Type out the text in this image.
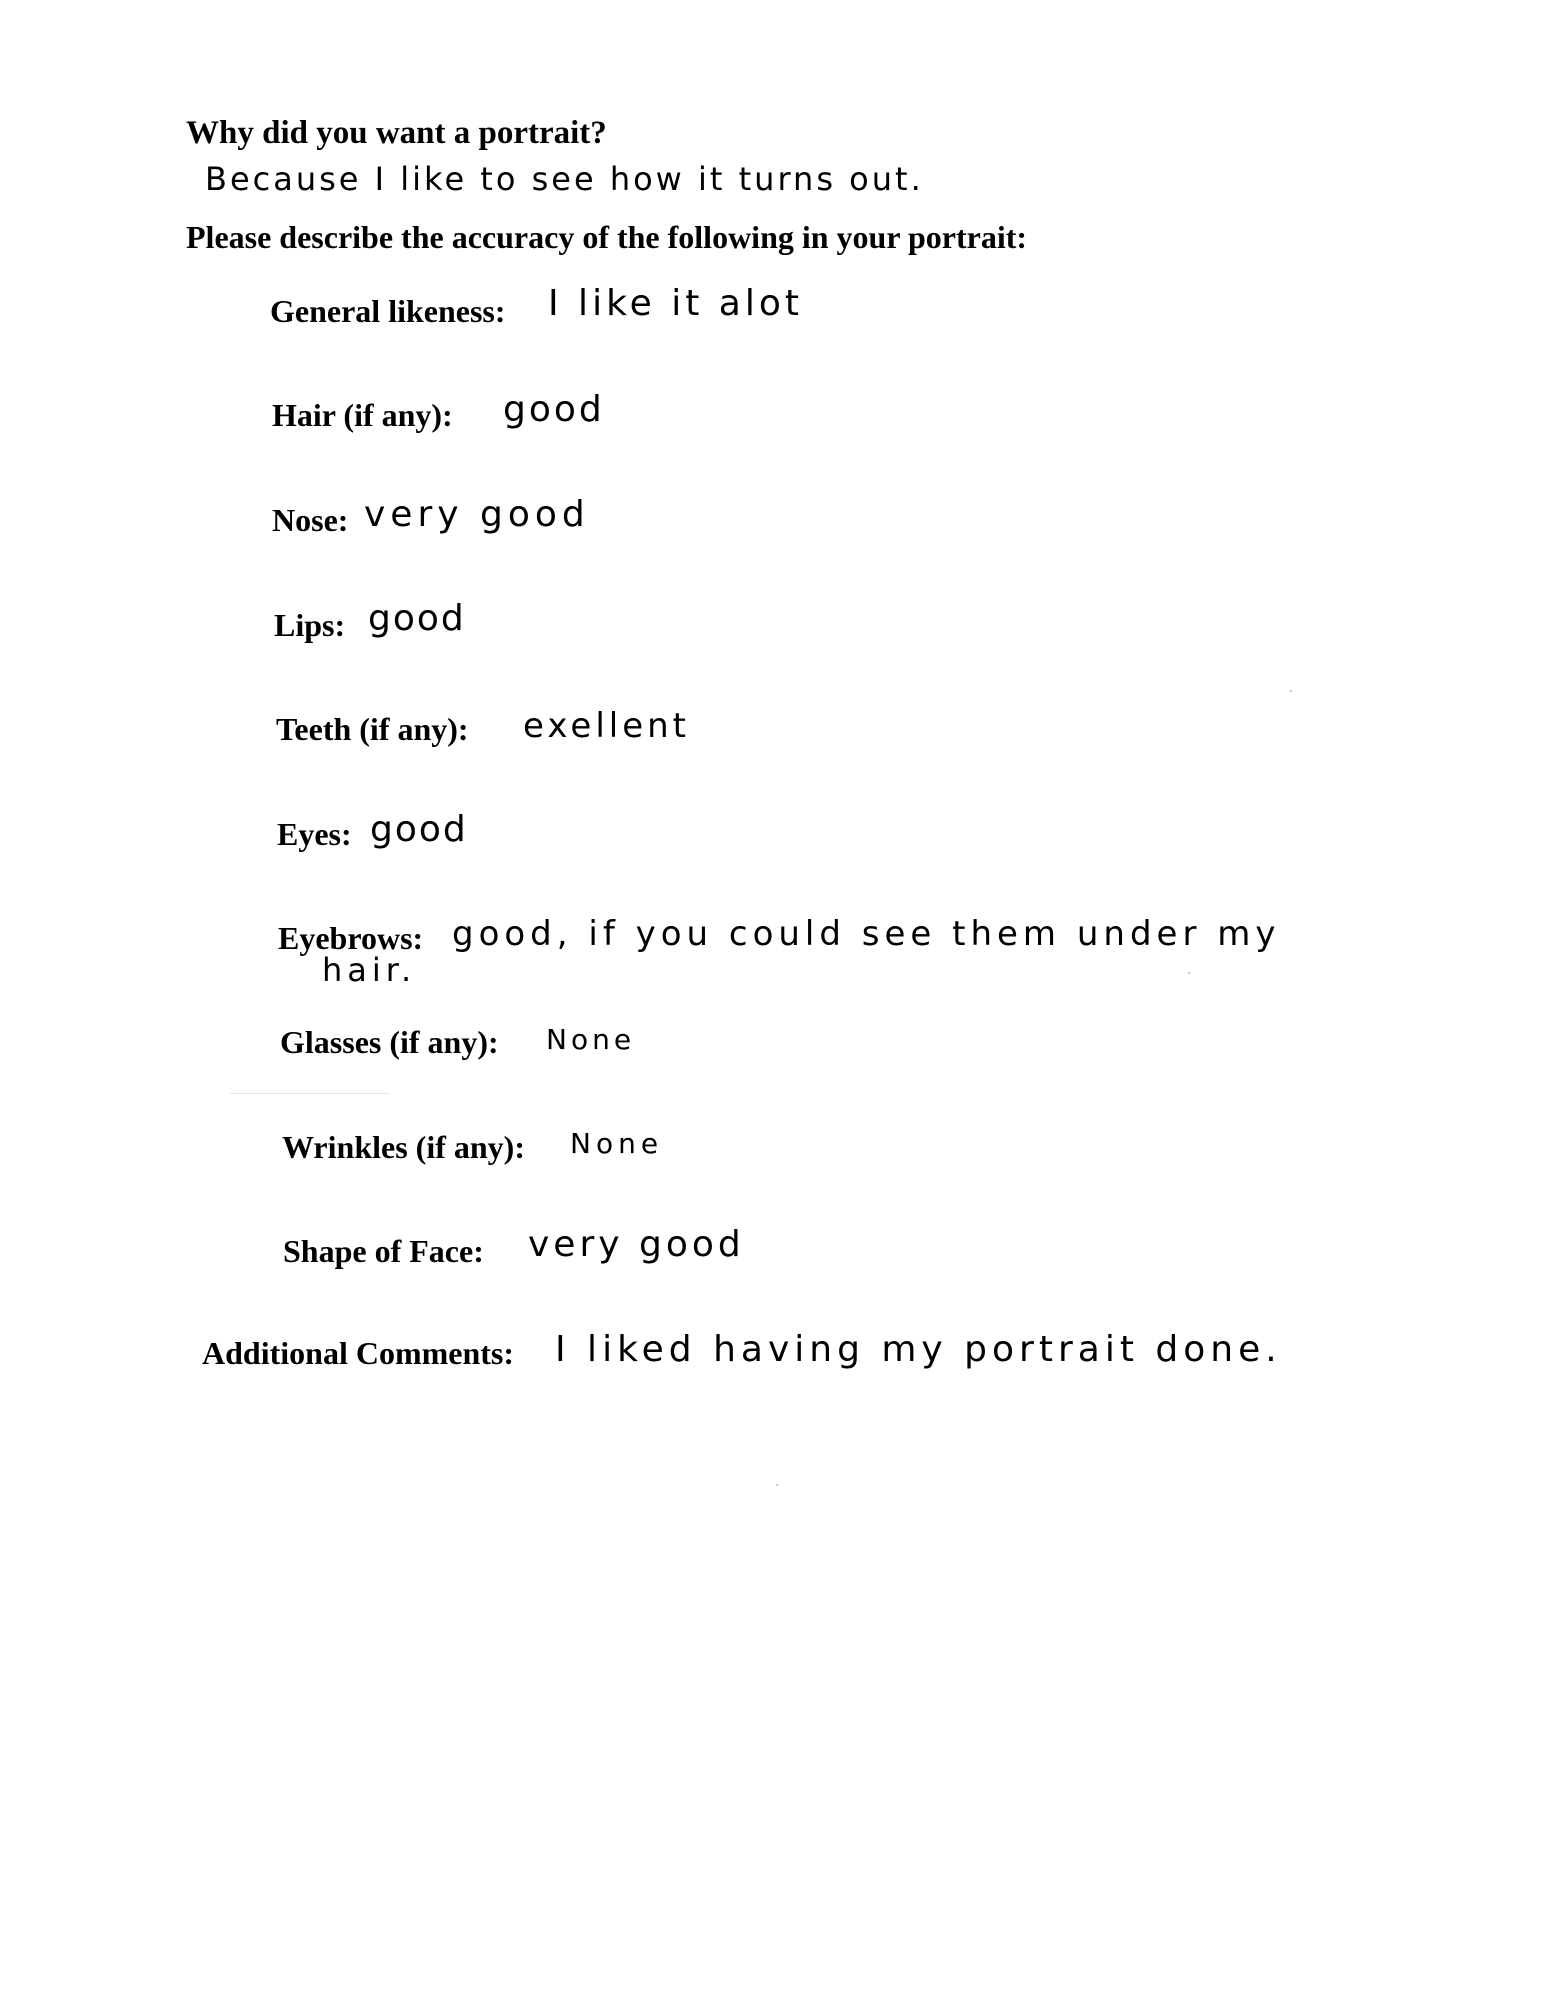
Why did you want a portrait?
Because I like to see how it turns out.
Please describe the accuracy of the following in your portrait:
General likeness: I like it alot
Hair (if any): good
Nose: very good
Lips: good
Teeth (if any): exellent
Eyes: good
Eyebrows: good, if you could see them under my
hair.
Glasses (if any): None
Wrinkles (if any): None
Shape of Face: very good
Additional Comments: I liked having my portrait done.
